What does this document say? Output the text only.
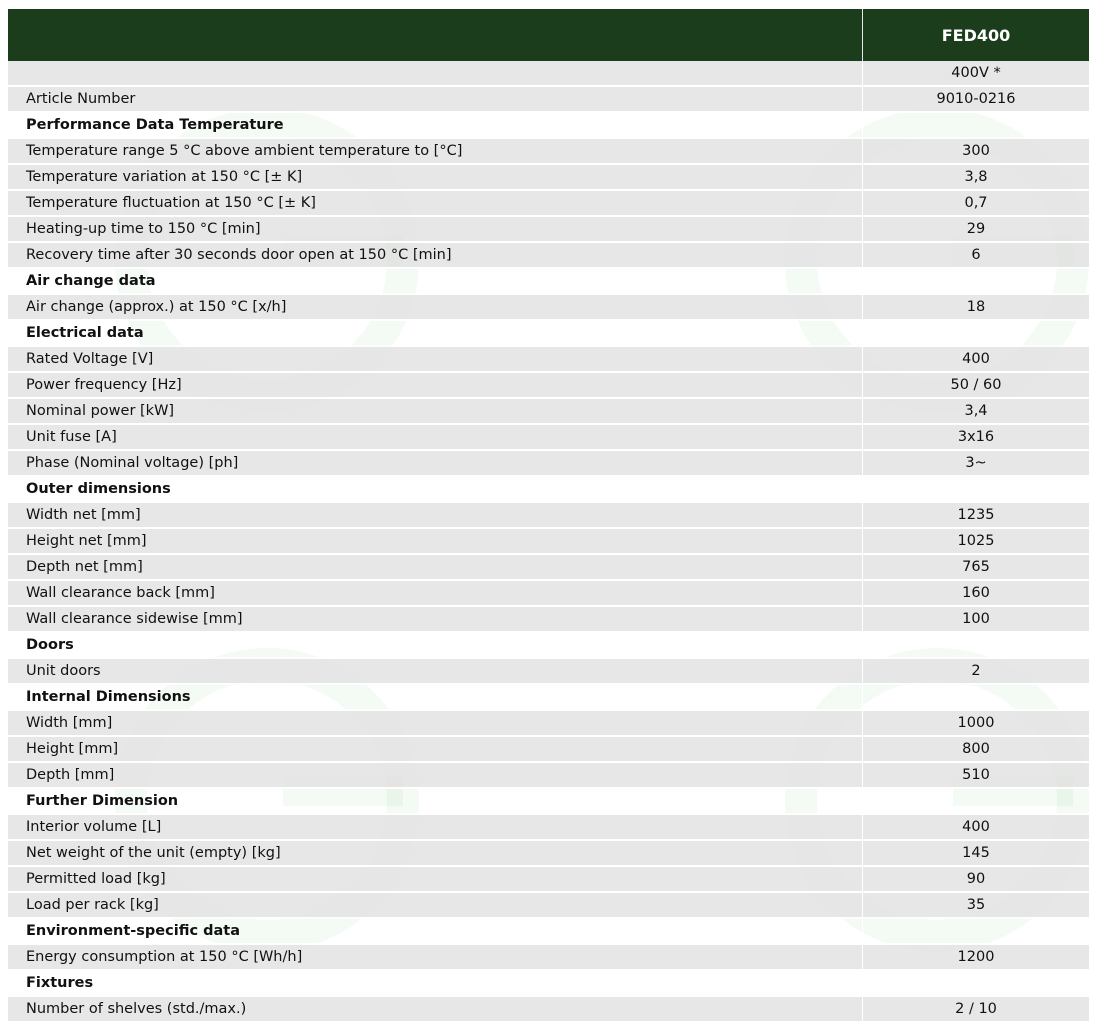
	FED400
	400V *
Article Number	9010-0216
Performance Data Temperature	
Temperature range 5 °C above ambient temperature to [°C]	300
Temperature variation at 150 °C [± K]	3,8
Temperature fluctuation at 150 °C [± K]	0,7
Heating-up time to 150 °C [min]	29
Recovery time after 30 seconds door open at 150 °C [min]	6
Air change data	
Air change (approx.) at 150 °C [x/h]	18
Electrical data	
Rated Voltage [V]	400
Power frequency [Hz]	50 / 60
Nominal power [kW]	3,4
Unit fuse [A]	3x16
Phase (Nominal voltage) [ph]	3~
Outer dimensions	
Width net [mm]	1235
Height net [mm]	1025
Depth net [mm]	765
Wall clearance back [mm]	160
Wall clearance sidewise [mm]	100
Doors	
Unit doors	2
Internal Dimensions	
Width [mm]	1000
Height [mm]	800
Depth [mm]	510
Further Dimension	
Interior volume [L]	400
Net weight of the unit (empty) [kg]	145
Permitted load [kg]	90
Load per rack [kg]	35
Environment-specific data	
Energy consumption at 150 °C [Wh/h]	1200
Fixtures	
Number of shelves (std./max.)	2 / 10
